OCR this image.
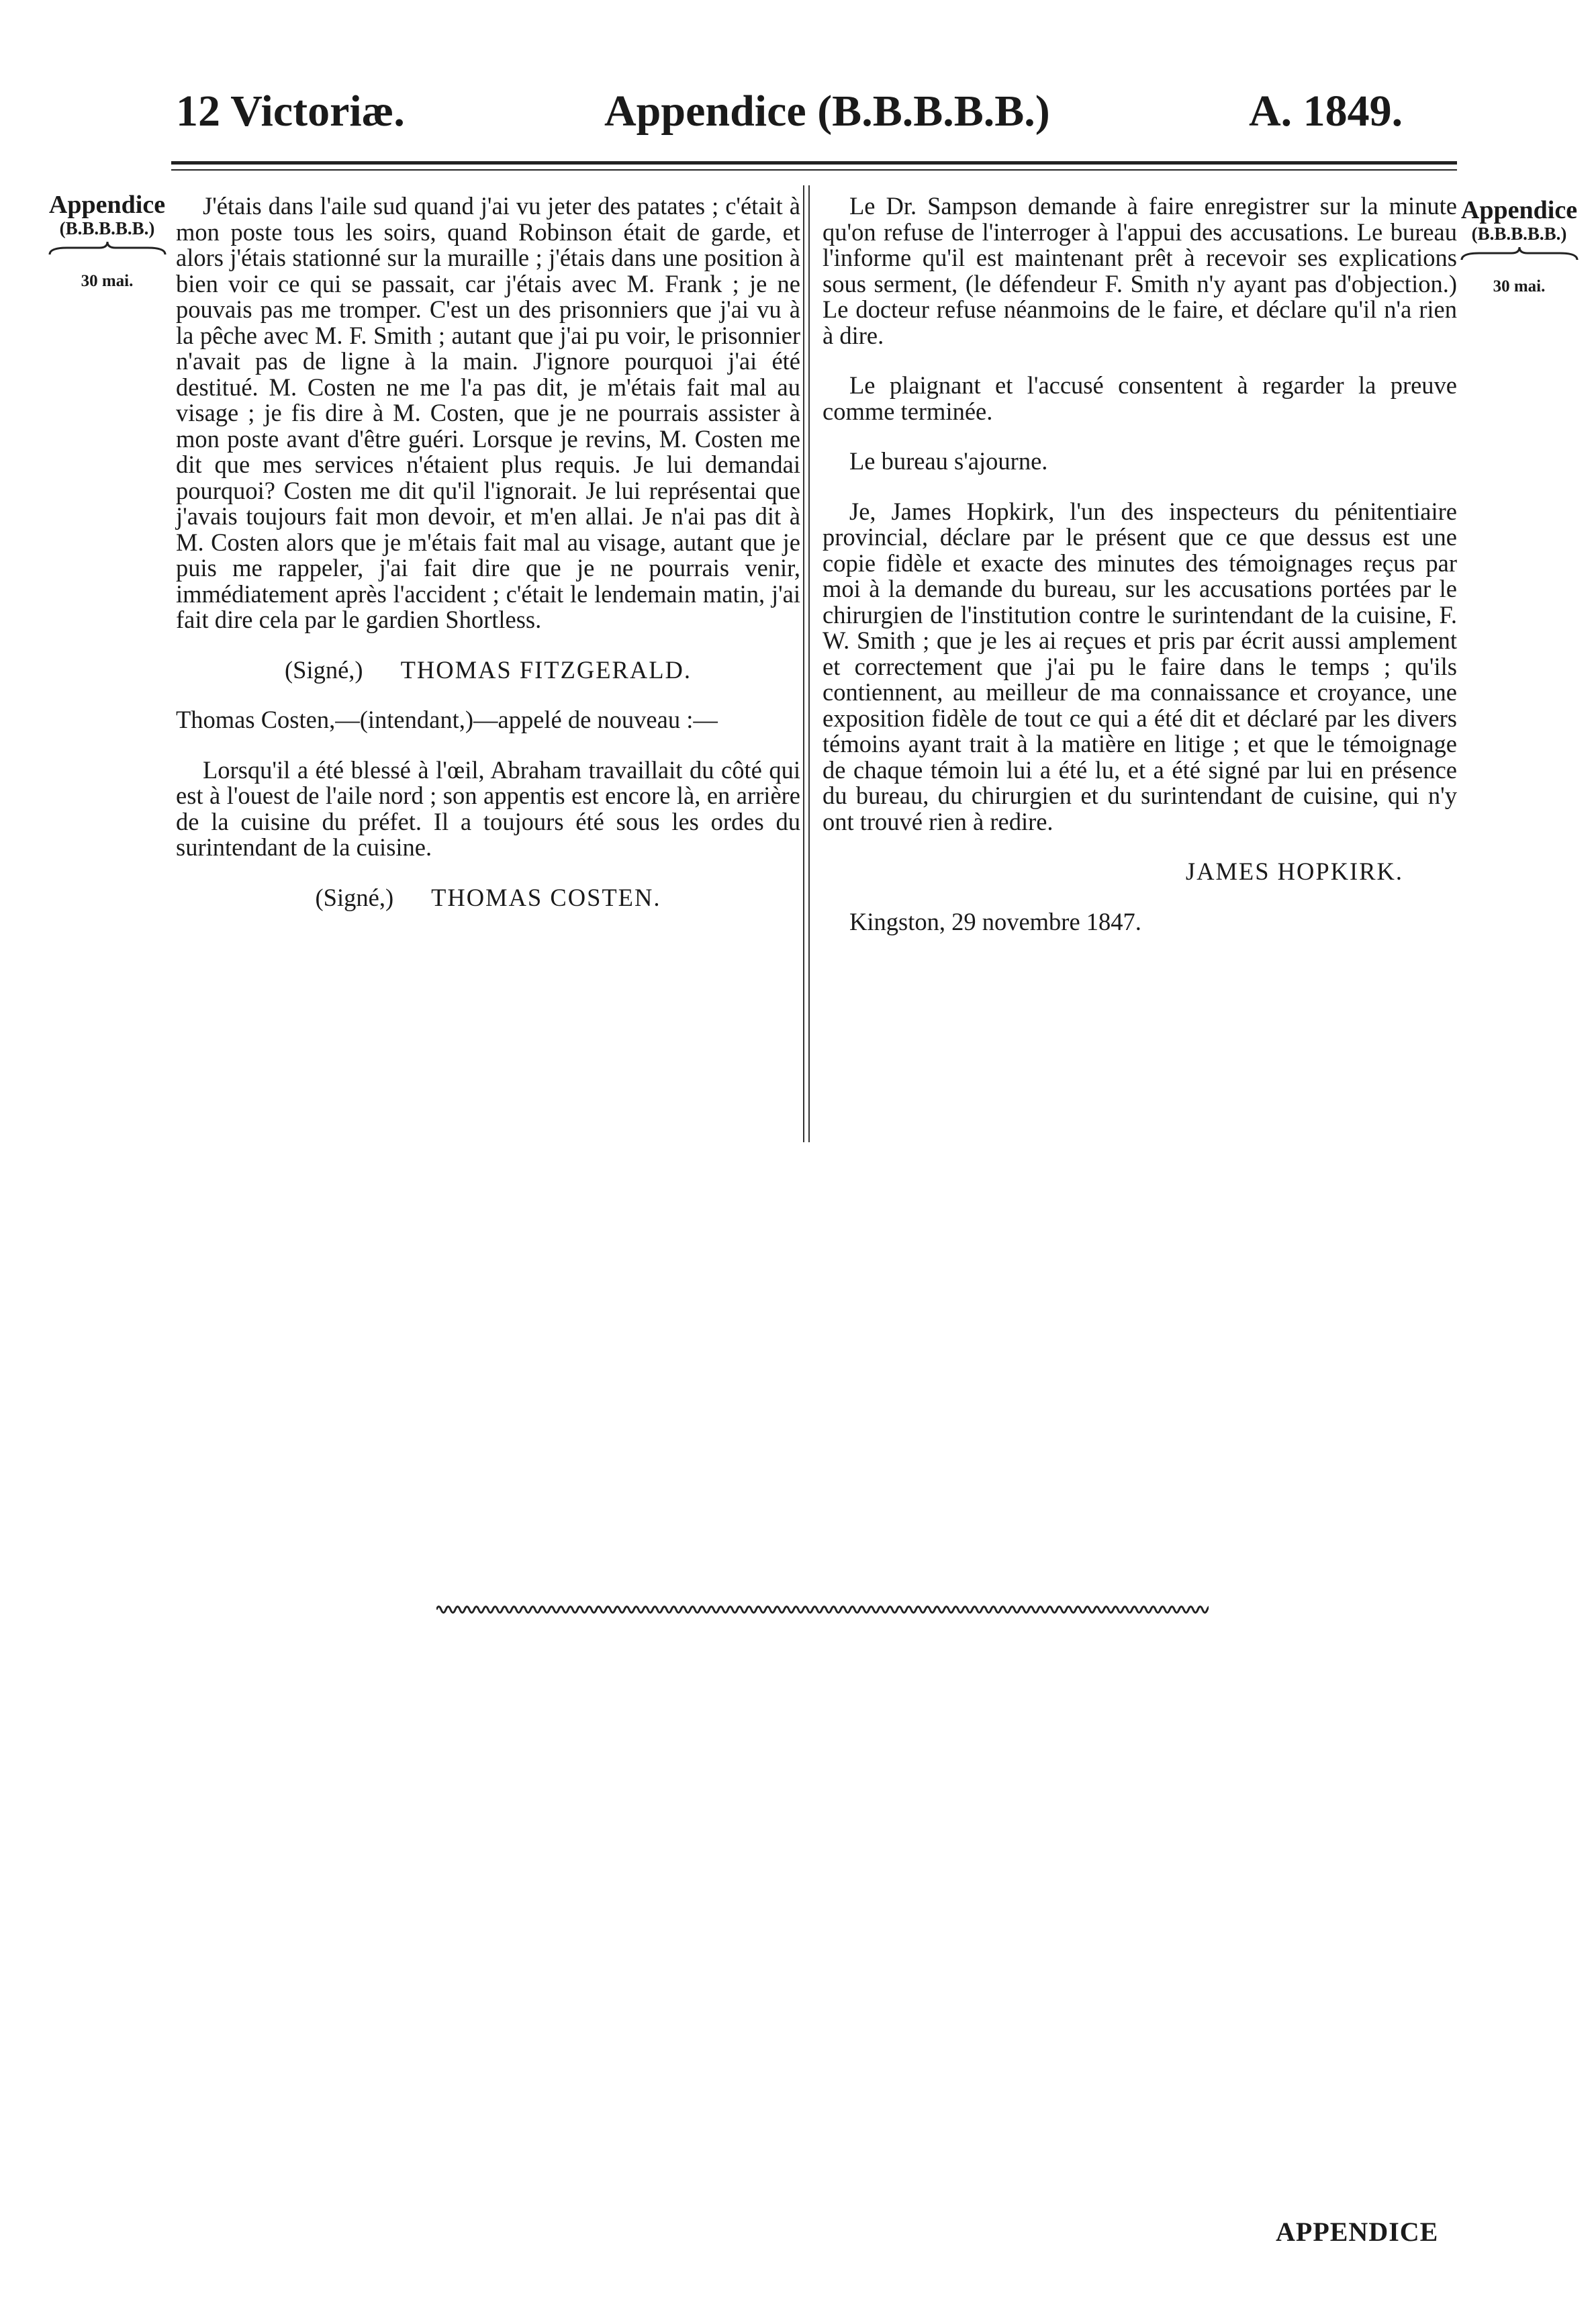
12 Victoriæ.	Appendice (B.B.B.B.B.)	A. 1849.
Appendice
(B.B.B.B.B.)
30 mai.
Appendice
(B.B.B.B.B.)
30 mai.

J'étais dans l'aile sud quand j'ai vu jeter des patates ; c'était à mon poste tous les soirs, quand Robinson était de garde, et alors j'étais stationné sur la muraille ; j'étais dans une position à bien voir ce qui se passait, car j'étais avec M. Frank ; je ne pouvais pas me tromper. C'est un des prisonniers que j'ai vu à la pêche avec M. F. Smith ; autant que j'ai pu voir, le prisonnier n'avait pas de ligne à la main. J'ignore pourquoi j'ai été destitué. M. Costen ne me l'a pas dit, je m'étais fait mal au visage ; je fis dire à M. Costen, que je ne pourrais assister à mon poste avant d'être guéri. Lorsque je revins, M. Costen me dit que mes services n'étaient plus requis. Je lui demandai pourquoi? Costen me dit qu'il l'ignorait. Je lui représentai que j'avais toujours fait mon devoir, et m'en allai. Je n'ai pas dit à M. Costen alors que je m'étais fait mal au visage, autant que je puis me rappeler, j'ai fait dire que je ne pourrais venir, immédiatement après l'accident ; c'était le lendemain matin, j'ai fait dire cela par le gardien Shortless.

(Signé,) THOMAS FITZGERALD.

Thomas Costen,—(intendant,)—appelé de nouveau :—

Lorsqu'il a été blessé à l'œil, Abraham travaillait du côté qui est à l'ouest de l'aile nord ; son appentis est encore là, en arrière de la cuisine du préfet. Il a toujours été sous les ordes du surintendant de la cuisine.

(Signé,) THOMAS COSTEN.

Le Dr. Sampson demande à faire enregistrer sur la minute qu'on refuse de l'interroger à l'appui des accusations. Le bureau l'informe qu'il est maintenant prêt à recevoir ses explications sous serment, (le défendeur F. Smith n'y ayant pas d'objection.) Le docteur refuse néanmoins de le faire, et déclare qu'il n'a rien à dire.

Le plaignant et l'accusé consentent à regarder la preuve comme terminée.

Le bureau s'ajourne.

Je, James Hopkirk, l'un des inspecteurs du pénitentiaire provincial, déclare par le présent que ce que dessus est une copie fidèle et exacte des minutes des témoignages reçus par moi à la demande du bureau, sur les accusations portées par le chirurgien de l'institution contre le surintendant de la cuisine, F. W. Smith ; que je les ai reçues et pris par écrit aussi amplement et correctement que j'ai pu le faire dans le temps ; qu'ils contiennent, au meilleur de ma connaissance et croyance, une exposition fidèle de tout ce qui a été dit et déclaré par les divers témoins ayant trait à la matière en litige ; et que le témoignage de chaque témoin lui a été lu, et a été signé par lui en présence du bureau, du chirurgien et du surintendant de cuisine, qui n'y ont trouvé rien à redire.

JAMES HOPKIRK.

Kingston, 29 novembre 1847.

APPENDICE
